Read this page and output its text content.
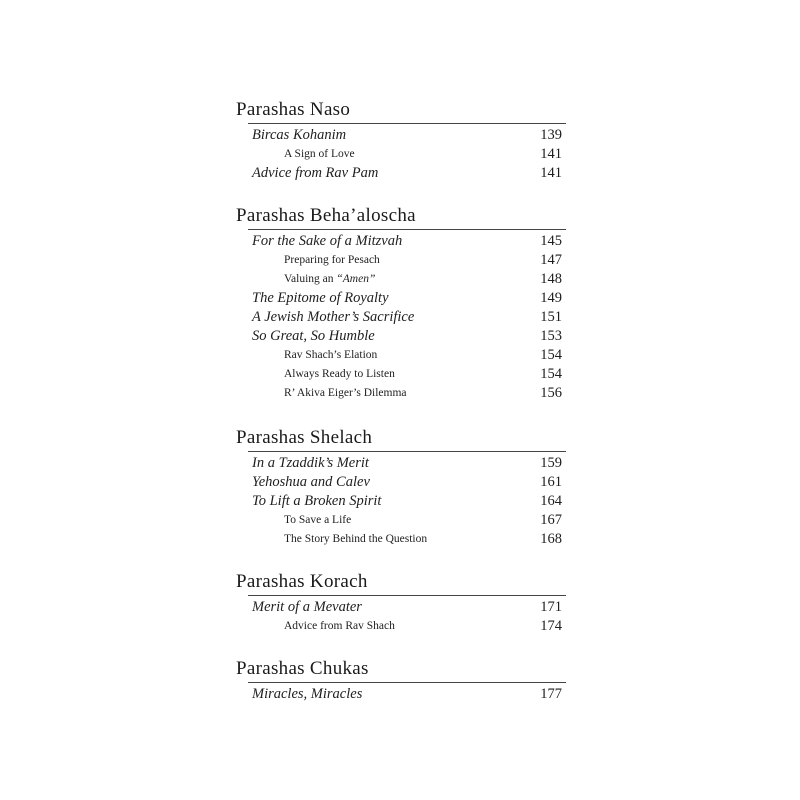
Parashas Naso
Bircas Kohanim	139
A Sign of Love	141
Advice from Rav Pam	141
Parashas Beha’aloscha
For the Sake of a Mitzvah	145
Preparing for Pesach	147
Valuing an “Amen”	148
The Epitome of Royalty	149
A Jewish Mother’s Sacrifice	151
So Great, So Humble	153
Rav Shach’s Elation	154
Always Ready to Listen	154
R’ Akiva Eiger’s Dilemma	156
Parashas Shelach
In a Tzaddik’s Merit	159
Yehoshua and Calev	161
To Lift a Broken Spirit	164
To Save a Life	167
The Story Behind the Question	168
Parashas Korach
Merit of a Mevater	171
Advice from Rav Shach	174
Parashas Chukas
Miracles, Miracles	177
